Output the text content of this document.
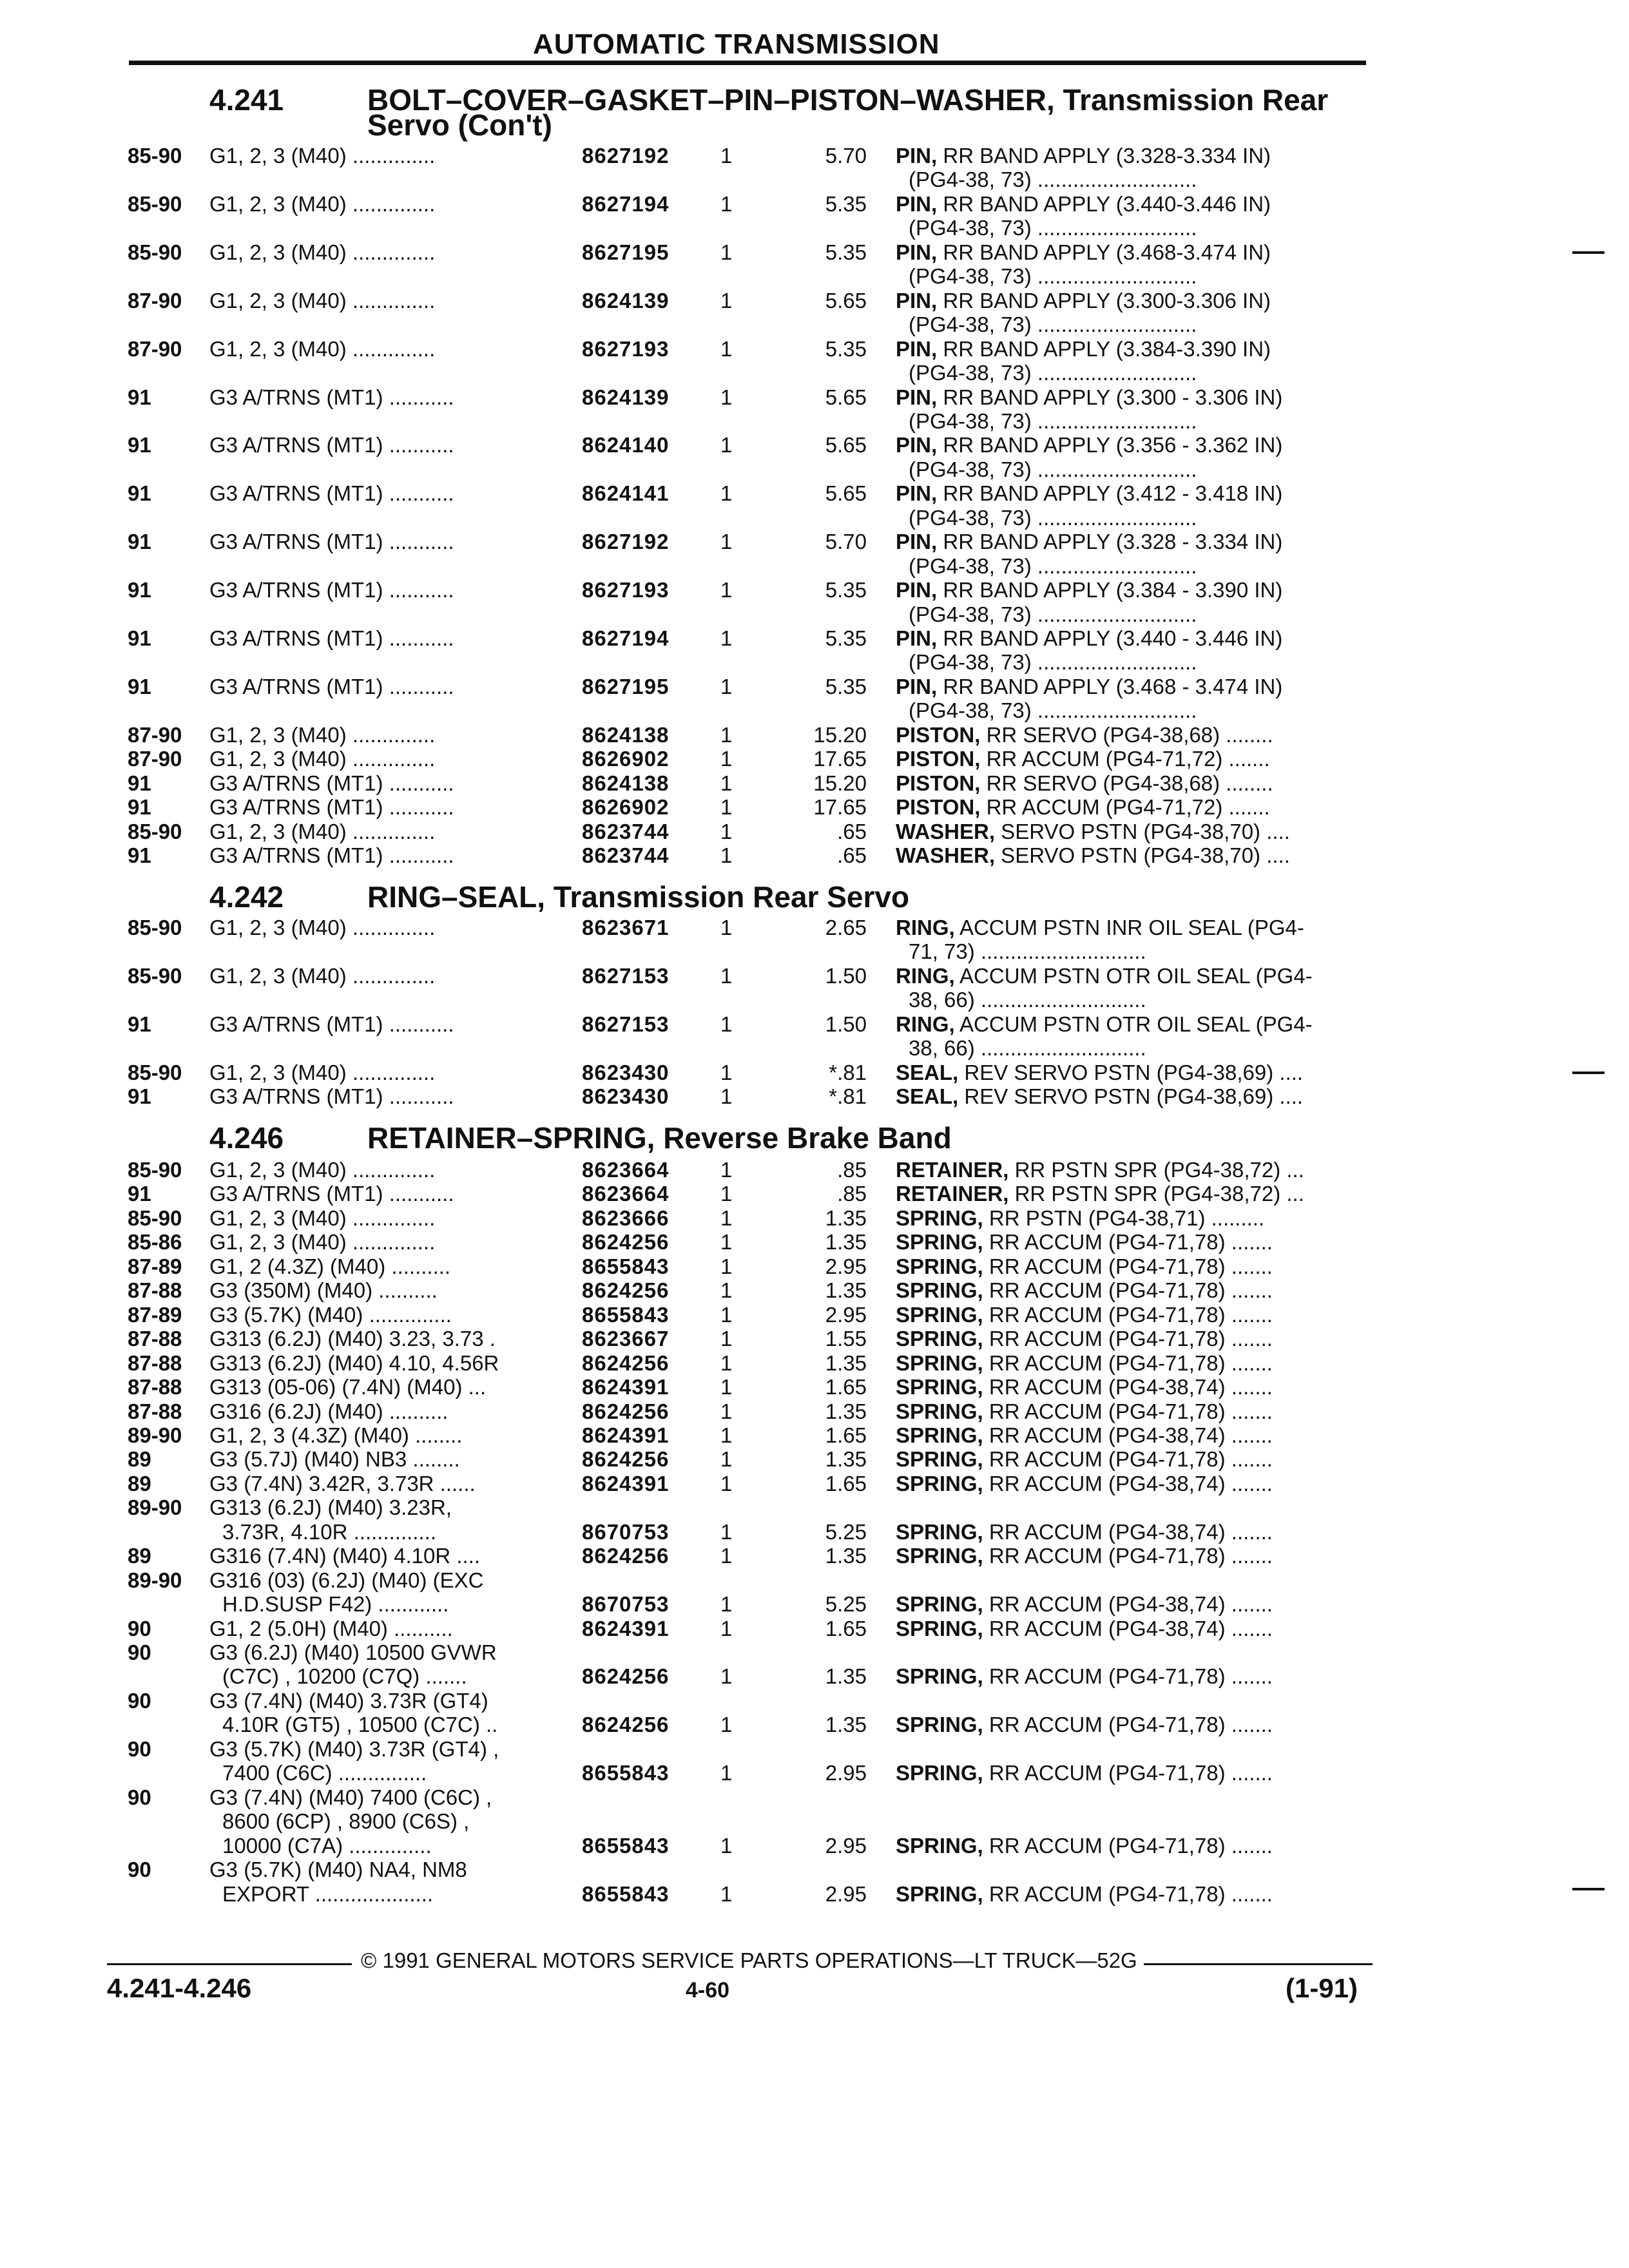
AUTOMATIC TRANSMISSION
4.241	BOLT–COVER–GASKET–PIN–PISTON–WASHER, Transmission Rear
Servo (Con't)
4.242	RING–SEAL, Transmission Rear Servo
4.246	RETAINER–SPRING, Reverse Brake Band
85-90 G1, 2, 3 (M40) ..............	8627192 1	5.70 PIN, RR BAND APPLY (3.328-3.334 IN)
(PG4-38, 73) ...........................
85-90 G1, 2, 3 (M40) ..............	8627194 1	5.35 PIN, RR BAND APPLY (3.440-3.446 IN)
(PG4-38, 73) ...........................
85-90 G1, 2, 3 (M40) ..............	8627195 1	5.35 PIN, RR BAND APPLY (3.468-3.474 IN)
(PG4-38, 73) ...........................
87-90 G1, 2, 3 (M40) ..............	8624139 1	5.65 PIN, RR BAND APPLY (3.300-3.306 IN)
(PG4-38, 73) ...........................
87-90 G1, 2, 3 (M40) ..............	8627193 1	5.35 PIN, RR BAND APPLY (3.384-3.390 IN)
(PG4-38, 73) ...........................
91	G3 A/TRNS (MT1) ...........	8624139 1	5.65 PIN, RR BAND APPLY (3.300 - 3.306 IN)
(PG4-38, 73) ...........................
91	G3 A/TRNS (MT1) ...........	8624140 1	5.65 PIN, RR BAND APPLY (3.356 - 3.362 IN)
(PG4-38, 73) ...........................
91	G3 A/TRNS (MT1) ...........	8624141 1	5.65 PIN, RR BAND APPLY (3.412 - 3.418 IN)
(PG4-38, 73) ...........................
91	G3 A/TRNS (MT1) ...........	8627192 1	5.70 PIN, RR BAND APPLY (3.328 - 3.334 IN)
(PG4-38, 73) ...........................
91	G3 A/TRNS (MT1) ...........	8627193 1	5.35 PIN, RR BAND APPLY (3.384 - 3.390 IN)
(PG4-38, 73) ...........................
91	G3 A/TRNS (MT1) ...........	8627194 1	5.35 PIN, RR BAND APPLY (3.440 - 3.446 IN)
(PG4-38, 73) ...........................
91	G3 A/TRNS (MT1) ...........	8627195 1	5.35 PIN, RR BAND APPLY (3.468 - 3.474 IN)
(PG4-38, 73) ...........................
87-90 G1, 2, 3 (M40) ..............	8624138 1	15.20 PISTON, RR SERVO (PG4-38,68) ........
87-90 G1, 2, 3 (M40) ..............	8626902 1	17.65 PISTON, RR ACCUM (PG4-71,72) .......
91	G3 A/TRNS (MT1) ...........	8624138 1	15.20 PISTON, RR SERVO (PG4-38,68) ........
91	G3 A/TRNS (MT1) ...........	8626902 1	17.65 PISTON, RR ACCUM (PG4-71,72) .......
85-90 G1, 2, 3 (M40) ..............	8623744 1	.65 WASHER, SERVO PSTN (PG4-38,70) ....
91	G3 A/TRNS (MT1) ...........	8623744 1	.65 WASHER, SERVO PSTN (PG4-38,70) ....
85-90 G1, 2, 3 (M40) ..............	8623671 1	2.65 RING, ACCUM PSTN INR OIL SEAL (PG4-
71, 73) ............................
85-90 G1, 2, 3 (M40) ..............	8627153 1	1.50 RING, ACCUM PSTN OTR OIL SEAL (PG4-
38, 66) ............................
91	G3 A/TRNS (MT1) ...........	8627153 1	1.50 RING, ACCUM PSTN OTR OIL SEAL (PG4-
38, 66) ............................
85-90 G1, 2, 3 (M40) ..............	8623430 1	*.81 SEAL, REV SERVO PSTN (PG4-38,69) ....
91	G3 A/TRNS (MT1) ...........	8623430 1	*.81 SEAL, REV SERVO PSTN (PG4-38,69) ....
85-90 G1, 2, 3 (M40) ..............	8623664 1	.85 RETAINER, RR PSTN SPR (PG4-38,72) ...
91	G3 A/TRNS (MT1) ...........	8623664 1	.85 RETAINER, RR PSTN SPR (PG4-38,72) ...
85-90 G1, 2, 3 (M40) ..............	8623666 1	1.35 SPRING, RR PSTN (PG4-38,71) .........
85-86 G1, 2, 3 (M40) ..............	8624256 1	1.35 SPRING, RR ACCUM (PG4-71,78) .......
87-89 G1, 2 (4.3Z) (M40) ..........	8655843 1	2.95 SPRING, RR ACCUM (PG4-71,78) .......
87-88 G3 (350M) (M40) ..........	8624256 1	1.35 SPRING, RR ACCUM (PG4-71,78) .......
87-89 G3 (5.7K) (M40) ..............	8655843 1	2.95 SPRING, RR ACCUM (PG4-71,78) .......
87-88 G313 (6.2J) (M40) 3.23, 3.73 .	8623667 1	1.55 SPRING, RR ACCUM (PG4-71,78) .......
87-88 G313 (6.2J) (M40) 4.10, 4.56R	8624256 1	1.35 SPRING, RR ACCUM (PG4-71,78) .......
87-88 G313 (05-06) (7.4N) (M40) ...	8624391 1	1.65 SPRING, RR ACCUM (PG4-38,74) .......
87-88 G316 (6.2J) (M40) ..........	8624256 1	1.35 SPRING, RR ACCUM (PG4-71,78) .......
89-90 G1, 2, 3 (4.3Z) (M40) ........	8624391 1	1.65 SPRING, RR ACCUM (PG4-38,74) .......
89	G3 (5.7J) (M40) NB3 ........	8624256 1	1.35 SPRING, RR ACCUM (PG4-71,78) .......
89	G3 (7.4N) 3.42R, 3.73R ......	8624391 1	1.65 SPRING, RR ACCUM (PG4-38,74) .......
89-90 G313 (6.2J) (M40) 3.23R,
3.73R, 4.10R ..............	8670753 1	5.25 SPRING, RR ACCUM (PG4-38,74) .......
89	G316 (7.4N) (M40) 4.10R ....	8624256 1	1.35 SPRING, RR ACCUM (PG4-71,78) .......
89-90 G316 (03) (6.2J) (M40) (EXC
H.D.SUSP F42) ............	8670753 1	5.25 SPRING, RR ACCUM (PG4-38,74) .......
90	G1, 2 (5.0H) (M40) ..........	8624391 1	1.65 SPRING, RR ACCUM (PG4-38,74) .......
90	G3 (6.2J) (M40) 10500 GVWR
(C7C) , 10200 (C7Q) .......	8624256 1	1.35 SPRING, RR ACCUM (PG4-71,78) .......
90	G3 (7.4N) (M40) 3.73R (GT4)
4.10R (GT5) , 10500 (C7C) ..	8624256 1	1.35 SPRING, RR ACCUM (PG4-71,78) .......
90	G3 (5.7K) (M40) 3.73R (GT4) ,
7400 (C6C) ...............	8655843 1	2.95 SPRING, RR ACCUM (PG4-71,78) .......
90	G3 (7.4N) (M40) 7400 (C6C) ,
8600 (6CP) , 8900 (C6S) ,
10000 (C7A) ..............	8655843 1	2.95 SPRING, RR ACCUM (PG4-71,78) .......
90	G3 (5.7K) (M40) NA4, NM8
EXPORT ....................	8655843 1	2.95 SPRING, RR ACCUM (PG4-71,78) .......
© 1991 GENERAL MOTORS SERVICE PARTS OPERATIONS—LT TRUCK—52G
4.241-4.246	4-60	(1-91)
